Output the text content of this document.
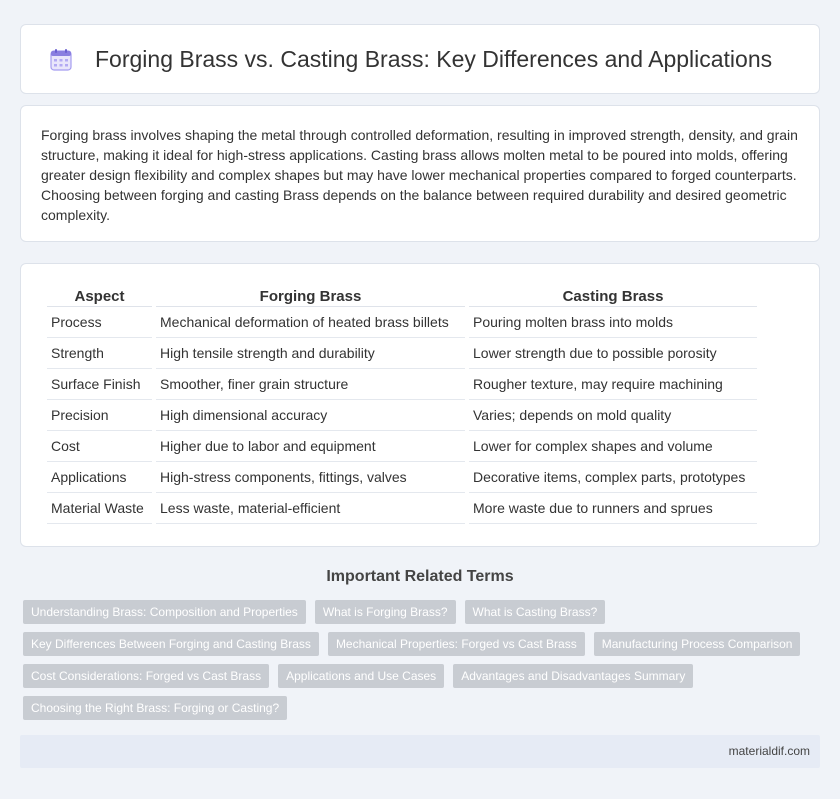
Forging Brass vs. Casting Brass: Key Differences and Applications

Forging brass involves shaping the metal through controlled deformation, resulting in improved strength, density, and grain structure, making it ideal for high-stress applications. Casting brass allows molten metal to be poured into molds, offering greater design flexibility and complex shapes but may have lower mechanical properties compared to forged counterparts. Choosing between forging and casting Brass depends on the balance between required durability and desired geometric complexity.

Aspect	Forging Brass	Casting Brass
Process	Mechanical deformation of heated brass billets	Pouring molten brass into molds
Strength	High tensile strength and durability	Lower strength due to possible porosity
Surface Finish	Smoother, finer grain structure	Rougher texture, may require machining
Precision	High dimensional accuracy	Varies; depends on mold quality
Cost	Higher due to labor and equipment	Lower for complex shapes and volume
Applications	High-stress components, fittings, valves	Decorative items, complex parts, prototypes
Material Waste	Less waste, material-efficient	More waste due to runners and sprues
Important Related Terms
Understanding Brass: Composition and Properties	What is Forging Brass?	What is Casting Brass?
Key Differences Between Forging and Casting Brass	Mechanical Properties: Forged vs Cast Brass	Manufacturing Process Comparison
Cost Considerations: Forged vs Cast Brass	Applications and Use Cases	Advantages and Disadvantages Summary
Choosing the Right Brass: Forging or Casting?
materialdif.com
